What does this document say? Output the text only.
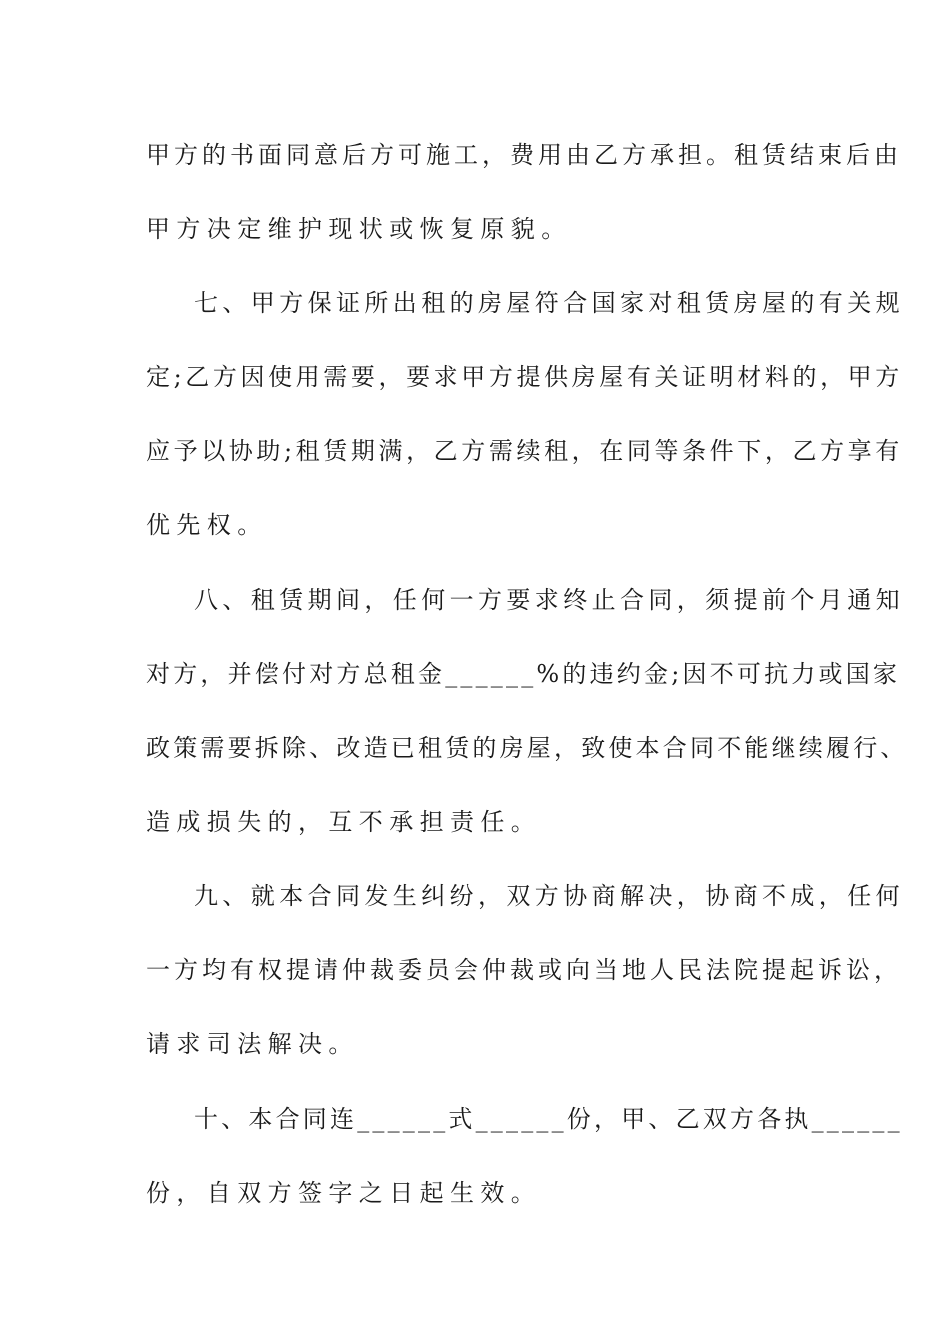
甲方的书面同意后方可施工，费用由乙方承担。租赁结束后由
甲方决定维护现状或恢复原貌。
七、甲方保证所出租的房屋符合国家对租赁房屋的有关规
定;乙方因使用需要，要求甲方提供房屋有关证明材料的，甲方
应予以协助;租赁期满，乙方需续租，在同等条件下，乙方享有
优先权。
八、租赁期间，任何一方要求终止合同，须提前个月通知
对方，并偿付对方总租金______%的违约金;因不可抗力或国家
政策需要拆除、改造已租赁的房屋，致使本合同不能继续履行、
造成损失的，互不承担责任。
九、就本合同发生纠纷，双方协商解决，协商不成，任何
一方均有权提请仲裁委员会仲裁或向当地人民法院提起诉讼，
请求司法解决。
十、本合同连______式______份，甲、乙双方各执______
份，自双方签字之日起生效。
